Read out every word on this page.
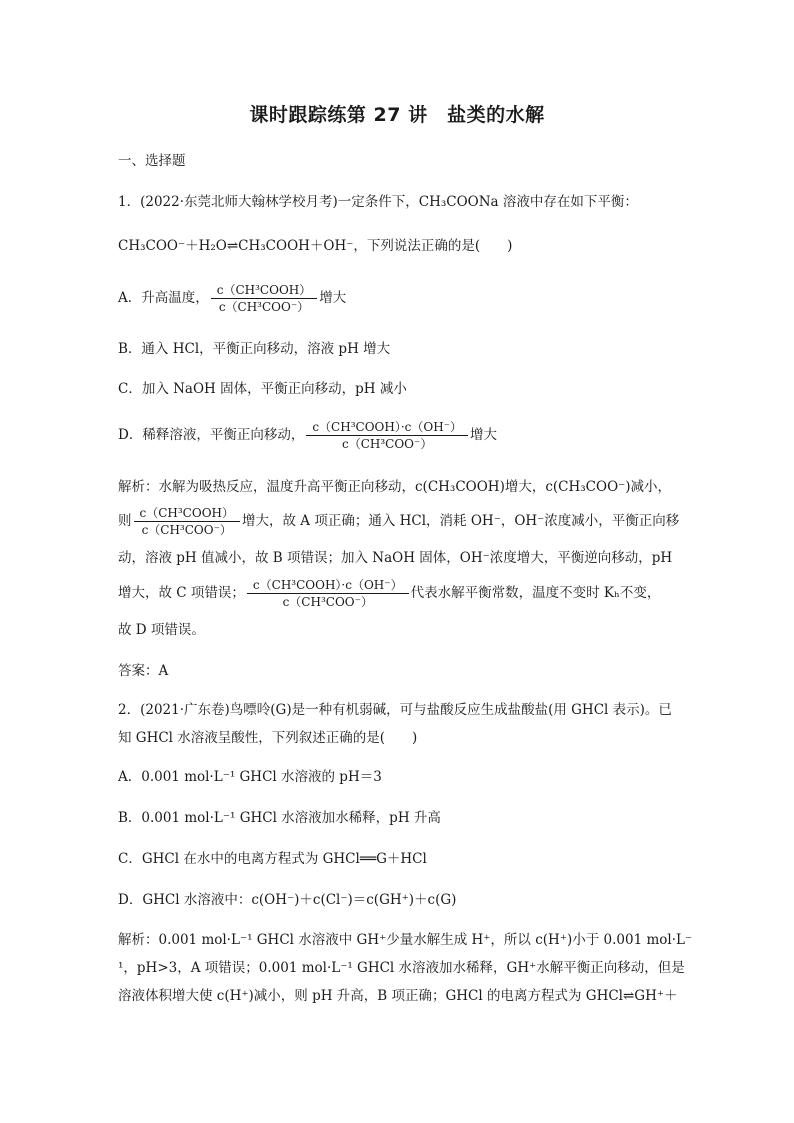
课时跟踪练第 27 讲　盐类的水解
一、选择题
1．(2022·东莞北师大翰林学校月考)一定条件下，CH₃COONa 溶液中存在如下平衡：
CH₃COO⁻＋H₂O⇌CH₃COOH＋OH⁻，下列说法正确的是(　　)
A．升高温度， $\frac{\text{c（CH³COOH）}}{\text{c（CH³COO⁻）}}$ 增大
B．通入 HCl，平衡正向移动，溶液 pH 增大
C．加入 NaOH 固体，平衡正向移动，pH 减小
D．稀释溶液，平衡正向移动， $\frac{\text{c（CH³COOH）·c（OH⁻）}}{\text{c（CH³COO⁻）}}$ 增大
解析：水解为吸热反应，温度升高平衡正向移动，c(CH₃COOH)增大，c(CH₃COO⁻)减小，
则 $\frac{\text{c（CH³COOH）}}{\text{c（CH³COO⁻）}}$ 增大，故 A 项正确；通入 HCl，消耗 OH⁻，OH⁻浓度减小，平衡正向移
动，溶液 pH 值减小，故 B 项错误；加入 NaOH 固体，OH⁻浓度增大，平衡逆向移动，pH
增大，故 C 项错误； $\frac{\text{c（CH³COOH）·c（OH⁻）}}{\text{c（CH³COO⁻）}}$ 代表水解平衡常数，温度不变时 Kₕ不变，
故 D 项错误。
答案：A
2．(2021·广东卷)鸟嘌呤(G)是一种有机弱碱，可与盐酸反应生成盐酸盐(用 GHCl 表示)。已
知 GHCl 水溶液呈酸性，下列叙述正确的是(　　)
A．0.001 mol·L⁻¹ GHCl 水溶液的 pH＝3
B．0.001 mol·L⁻¹ GHCl 水溶液加水稀释，pH 升高
C．GHCl 在水中的电离方程式为 GHCl══G＋HCl
D．GHCl 水溶液中：c(OH⁻)＋c(Cl⁻)＝c(GH⁺)＋c(G)
解析：0.001 mol·L⁻¹ GHCl 水溶液中 GH⁺少量水解生成 H⁺，所以 c(H⁺)小于 0.001 mol·L⁻
¹，pH>3，A 项错误；0.001 mol·L⁻¹ GHCl 水溶液加水稀释，GH⁺水解平衡正向移动，但是
溶液体积增大使 c(H⁺)减小，则 pH 升高，B 项正确；GHCl 的电离方程式为 GHCl⇌GH⁺＋
